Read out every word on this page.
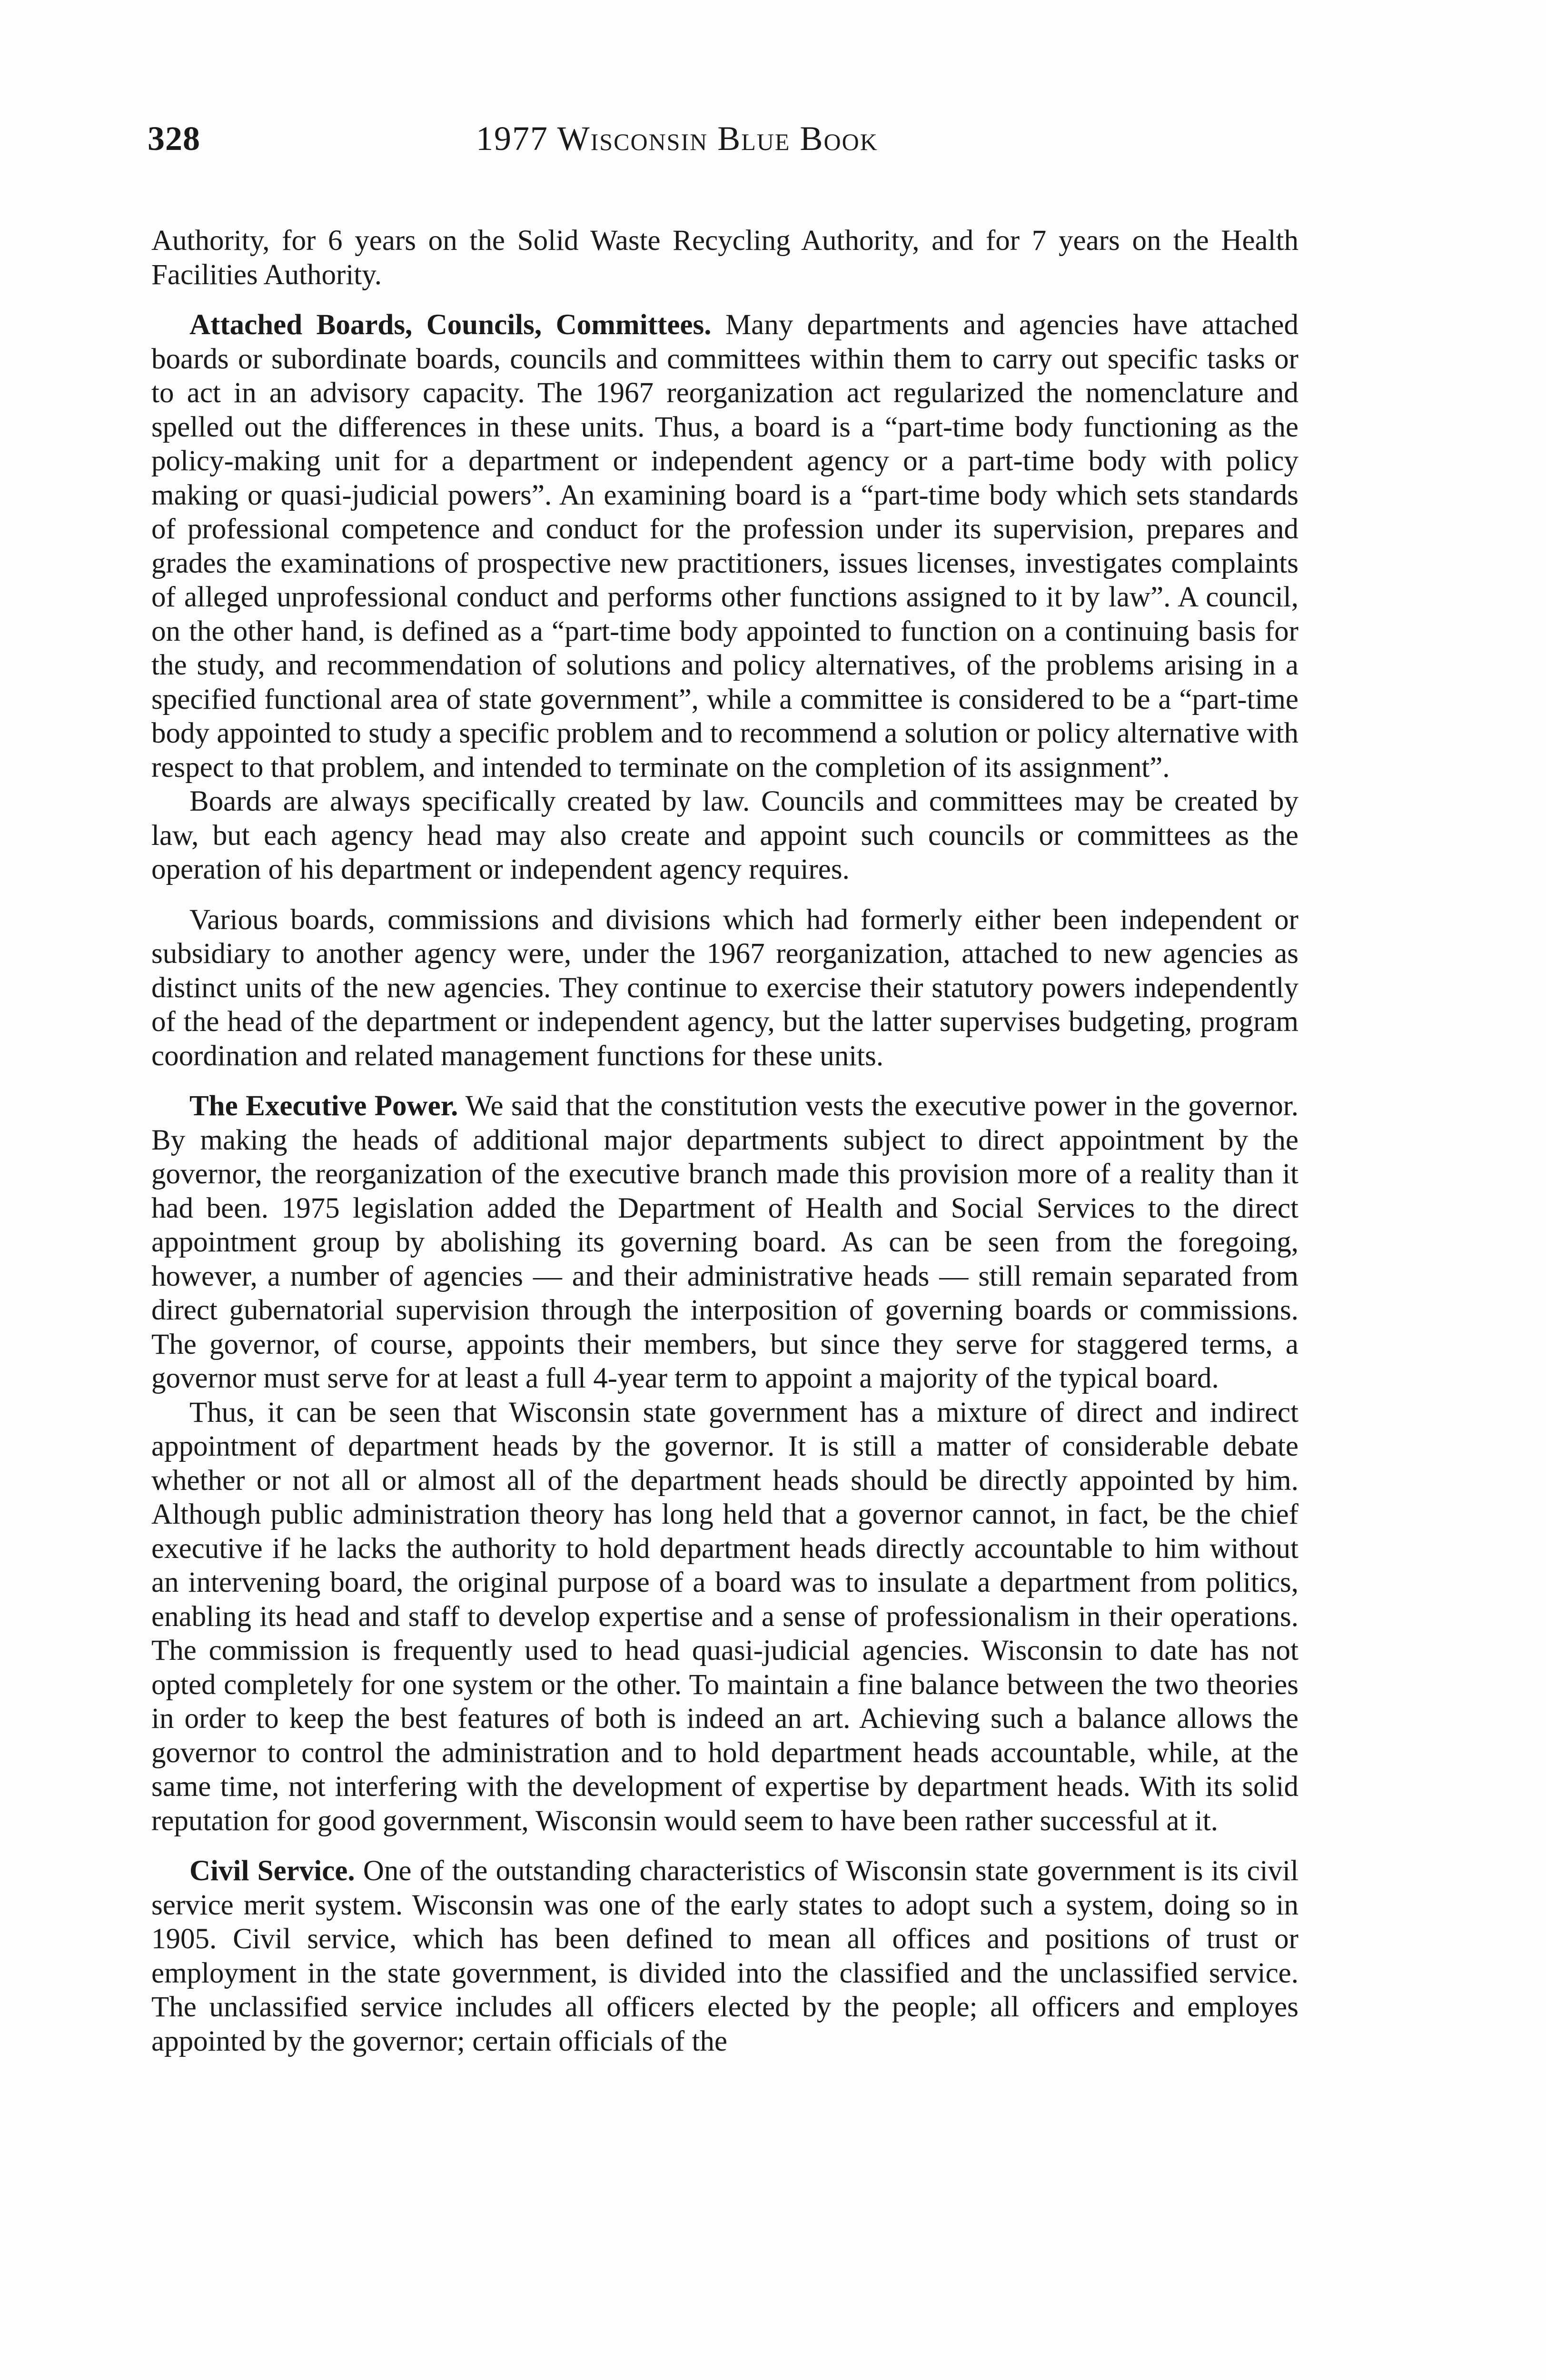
328	1977 Wisconsin Blue Book

Authority, for 6 years on the Solid Waste Recycling Authority, and for 7 years on the Health Facilities Authority.

Attached Boards, Councils, Committees. Many departments and agencies have attached boards or subordinate boards, councils and committees within them to carry out specific tasks or to act in an advisory capacity. The 1967 reorganization act regularized the nomenclature and spelled out the differences in these units. Thus, a board is a “part-time body functioning as the policy-making unit for a department or independent agency or a part-time body with policy making or quasi-judicial powers”. An examining board is a “part-time body which sets standards of professional competence and conduct for the profession under its supervision, prepares and grades the examinations of prospective new practitioners, issues licenses, investigates complaints of alleged unprofessional conduct and performs other functions assigned to it by law”. A council, on the other hand, is defined as a “part-time body appointed to function on a continuing basis for the study, and recommendation of solutions and policy alternatives, of the problems arising in a specified functional area of state government”, while a committee is considered to be a “part-time body appointed to study a specific problem and to recommend a solution or policy alternative with respect to that problem, and intended to terminate on the completion of its assignment”.

Boards are always specifically created by law. Councils and committees may be created by law, but each agency head may also create and appoint such councils or committees as the operation of his department or independent agency requires.

Various boards, commissions and divisions which had formerly either been independent or subsidiary to another agency were, under the 1967 reorganization, attached to new agencies as distinct units of the new agencies. They continue to exercise their statutory powers independently of the head of the department or independent agency, but the latter supervises budgeting, program coordination and related management functions for these units.

The Executive Power. We said that the constitution vests the executive power in the governor. By making the heads of additional major departments subject to direct appointment by the governor, the reorganization of the executive branch made this provision more of a reality than it had been. 1975 legislation added the Department of Health and Social Services to the direct appointment group by abolishing its governing board. As can be seen from the foregoing, however, a number of agencies — and their administrative heads — still remain separated from direct gubernatorial supervision through the interposition of governing boards or commissions. The governor, of course, appoints their members, but since they serve for staggered terms, a governor must serve for at least a full 4-year term to appoint a majority of the typical board.

Thus, it can be seen that Wisconsin state government has a mixture of direct and indirect appointment of department heads by the governor. It is still a matter of considerable debate whether or not all or almost all of the department heads should be directly appointed by him. Although public administration theory has long held that a governor cannot, in fact, be the chief executive if he lacks the authority to hold department heads directly accountable to him without an intervening board, the original purpose of a board was to insulate a department from politics, enabling its head and staff to develop expertise and a sense of professionalism in their operations. The commission is frequently used to head quasi-judicial agencies. Wisconsin to date has not opted completely for one system or the other. To maintain a fine balance between the two theories in order to keep the best features of both is indeed an art. Achieving such a balance allows the governor to control the administration and to hold department heads accountable, while, at the same time, not interfering with the development of expertise by department heads. With its solid reputation for good government, Wisconsin would seem to have been rather successful at it.

Civil Service. One of the outstanding characteristics of Wisconsin state government is its civil service merit system. Wisconsin was one of the early states to adopt such a system, doing so in 1905. Civil service, which has been defined to mean all offices and positions of trust or employment in the state government, is divided into the classified and the unclassified service. The unclassified service includes all officers elected by the people; all officers and employes appointed by the governor; certain officials of the
